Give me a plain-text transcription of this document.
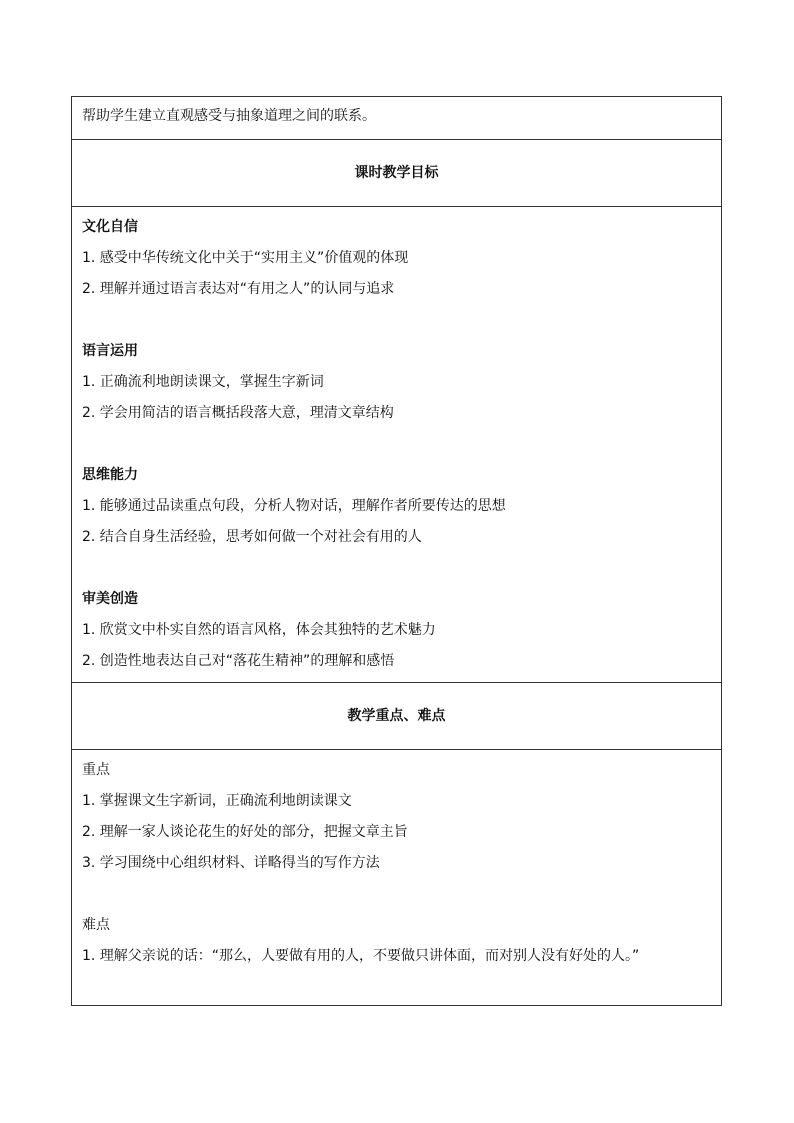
帮助学生建立直观感受与抽象道理之间的联系。
课时教学目标

文化自信
1. 感受中华传统文化中关于“实用主义”价值观的体现
2. 理解并通过语言表达对“有用之人”的认同与追求
语言运用
1. 正确流利地朗读课文，掌握生字新词
2. 学会用简洁的语言概括段落大意，理清文章结构
思维能力
1. 能够通过品读重点句段，分析人物对话，理解作者所要传达的思想
2. 结合自身生活经验，思考如何做一个对社会有用的人
审美创造
1. 欣赏文中朴实自然的语言风格，体会其独特的艺术魅力
2. 创造性地表达自己对“落花生精神”的理解和感悟

教学重点、难点

重点
1. 掌握课文生字新词，正确流利地朗读课文
2. 理解一家人谈论花生的好处的部分，把握文章主旨
3. 学习围绕中心组织材料、详略得当的写作方法
难点
1. 理解父亲说的话：“那么，人要做有用的人，不要做只讲体面，而对别人没有好处的人。”
